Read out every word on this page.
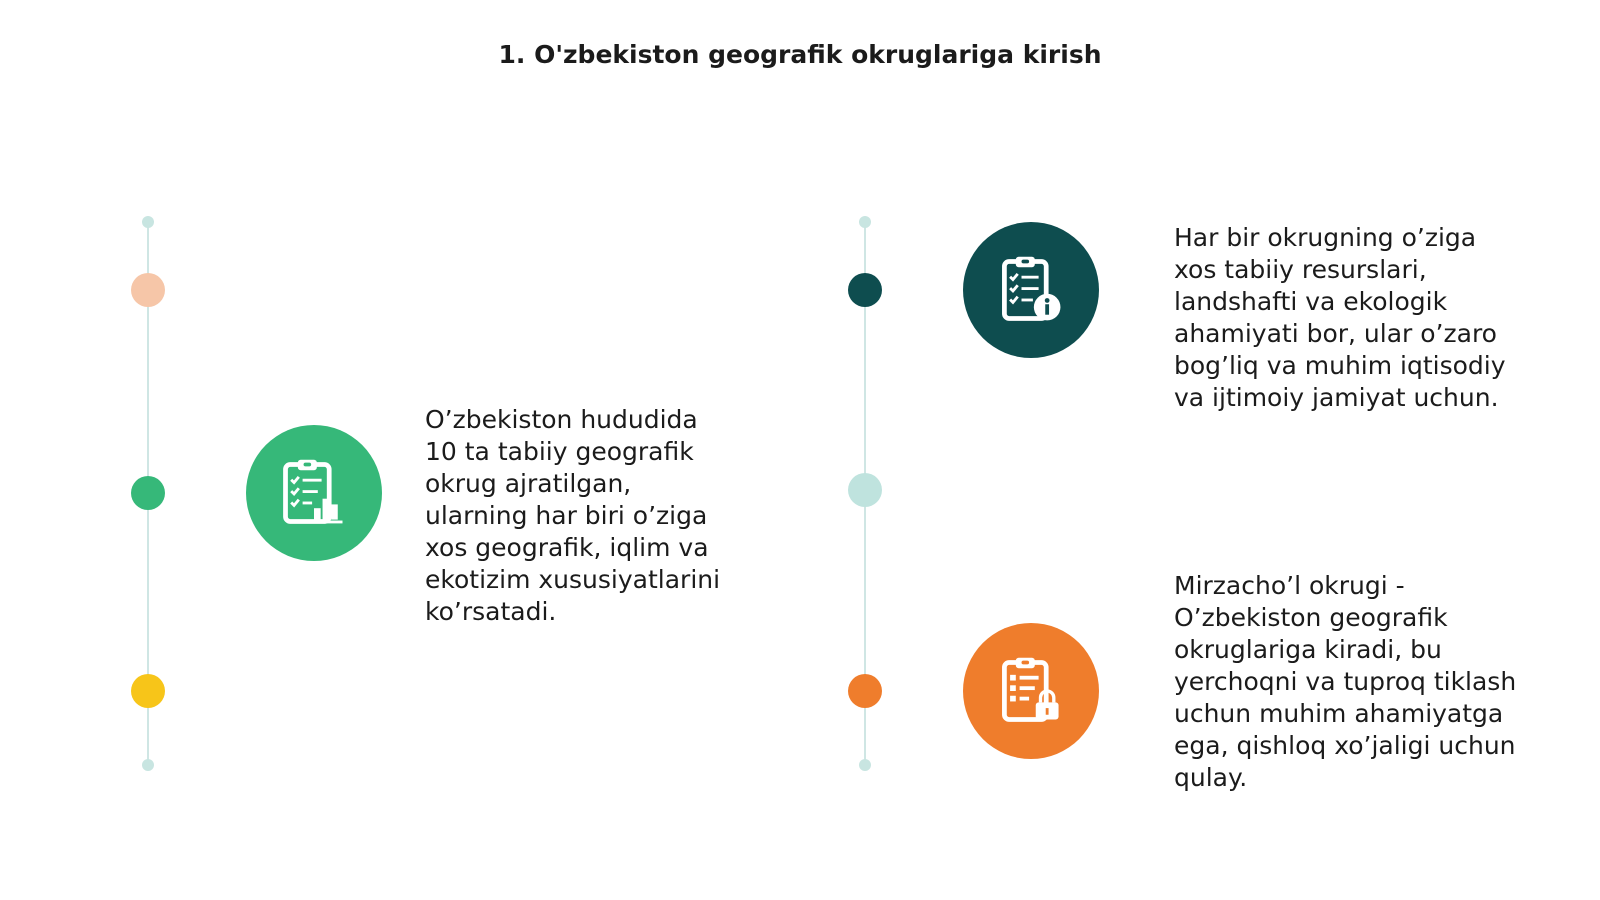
1. O'zbekiston geografik okruglariga kirish
O’zbekiston hududida
10 ta tabiiy geografik
okrug ajratilgan,
ularning har biri o’ziga
xos geografik, iqlim va
ekotizim xususiyatlarini
ko’rsatadi.
Har bir okrugning o’ziga
xos tabiiy resurslari,
landshafti va ekologik
ahamiyati bor, ular o’zaro
bog’liq va muhim iqtisodiy
va ijtimoiy jamiyat uchun.
Mirzacho’l okrugi -
O’zbekiston geografik
okruglariga kiradi, bu
yerchoqni va tuproq tiklash
uchun muhim ahamiyatga
ega, qishloq xo’jaligi uchun
qulay.
